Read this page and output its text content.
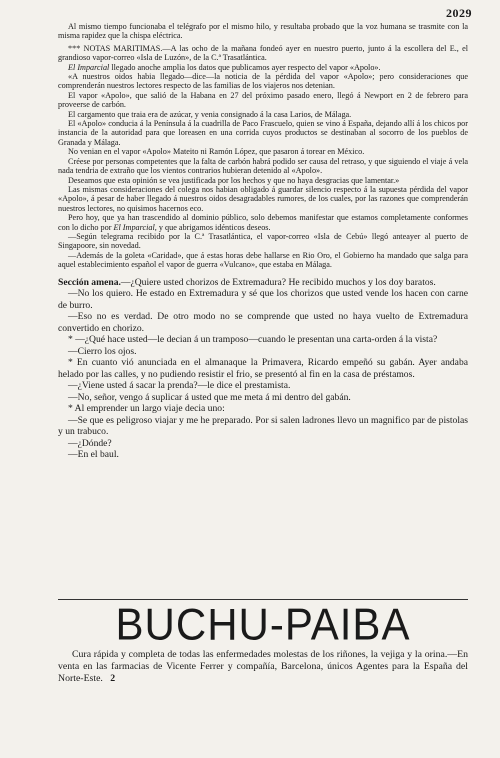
2029

Al mismo tiempo funcionaba el telégrafo por el mismo hilo, y resultaba probado que la voz humana se trasmite con la misma rapidez que la chispa eléctrica.

*** NOTAS MARITIMAS.—A las ocho de la mañana fondeó ayer en nuestro puerto, junto á la escollera del E., el grandioso vapor-correo «Isla de Luzón», de la C.ª Trasatlántica.

El Imparcial llegado anoche amplia los datos que publicamos ayer respecto del vapor «Apolo».

«A nuestros oidos habia llegado—dice—la noticia de la pérdida del vapor «Apolo»; pero consideraciones que comprenderán nuestros lectores respecto de las familias de los viajeros nos detenian.

El vapor «Apolo», que salió de la Habana en 27 del próximo pasado enero, llegó á Newport en 2 de febrero para proveerse de carbón.

El cargamento que traia era de azúcar, y venia consignado á la casa Larios, de Málaga.

El «Apolo» conducia á la Península á la cuadrilla de Paco Frascuelo, quien se vino á España, dejando allí á los chicos por instancia de la autoridad para que loreasen en una corrida cuyos productos se destinaban al socorro de los pueblos de Granada y Málaga.

No venian en el vapor «Apolo» Mateito ni Ramón López, que pasaron á torear en México.

Créese por personas competentes que la falta de carbón habrá podido ser causa del retraso, y que siguiendo el viaje á vela nada tendria de extraño que los vientos contrarios hubieran detenido al «Apolo».

Deseamos que esta opinión se vea justificada por los hechos y que no haya desgracias que lamentar.»

Las mismas consideraciones del colega nos habian obligado á guardar silencio respecto á la supuesta pérdida del vapor «Apolo», á pesar de haber llegado á nuestros oidos desagradables rumores, de los cuales, por las razones que comprenderán nuestros lectores, no quisimos hacernos eco.

Pero hoy, que ya han trascendido al dominio público, solo debemos manifestar que estamos completamente conformes con lo dicho por El Imparcial, y que abrigamos idénticos deseos.

—Según telegrama recibido por la C.ª Trasatlántica, el vapor-correo «Isla de Cebú» llegó anteayer al puerto de Singapoore, sin novedad.

—Además de la goleta «Caridad», que á estas horas debe hallarse en Rio Oro, el Gobierno ha mandado que salga para aquel establecimiento español el vapor de guerra «Vulcano», que estaba en Málaga.

Sección amena.—¿Quiere usted chorizos de Extremadura? He recibido muchos y los doy baratos.

—No los quiero. He estado en Extremadura y sé que los chorizos que usted vende los hacen con carne de burro.

—Eso no es verdad. De otro modo no se comprende que usted no haya vuelto de Extremadura convertido en chorizo.

* —¿Qué hace usted—le decian á un tramposo—cuando le presentan una carta-orden á la vista?

—Cierro los ojos.

* En cuanto vió anunciada en el almanaque la Primavera, Ricardo empeñó su gabán. Ayer andaba helado por las calles, y no pudiendo resistir el frio, se presentó al fin en la casa de préstamos.

—¿Viene usted á sacar la prenda?—le dice el prestamista.

—No, señor, vengo á suplicar á usted que me meta á mi dentro del gabán.

* Al emprender un largo viaje decia uno:

—Se que es peligroso viajar y me he preparado. Por si salen ladrones llevo un magnifico par de pistolas y un trabuco.

—¿Dónde?

—En el baul.

BUCHU-PAIBA

Cura rápida y completa de todas las enfermedades molestas de los riñones, la vejiga y la orina.—En venta en las farmacias de Vicente Ferrer y compañía, Barcelona, únicos Agentes para la España del Norte-Este. 2
